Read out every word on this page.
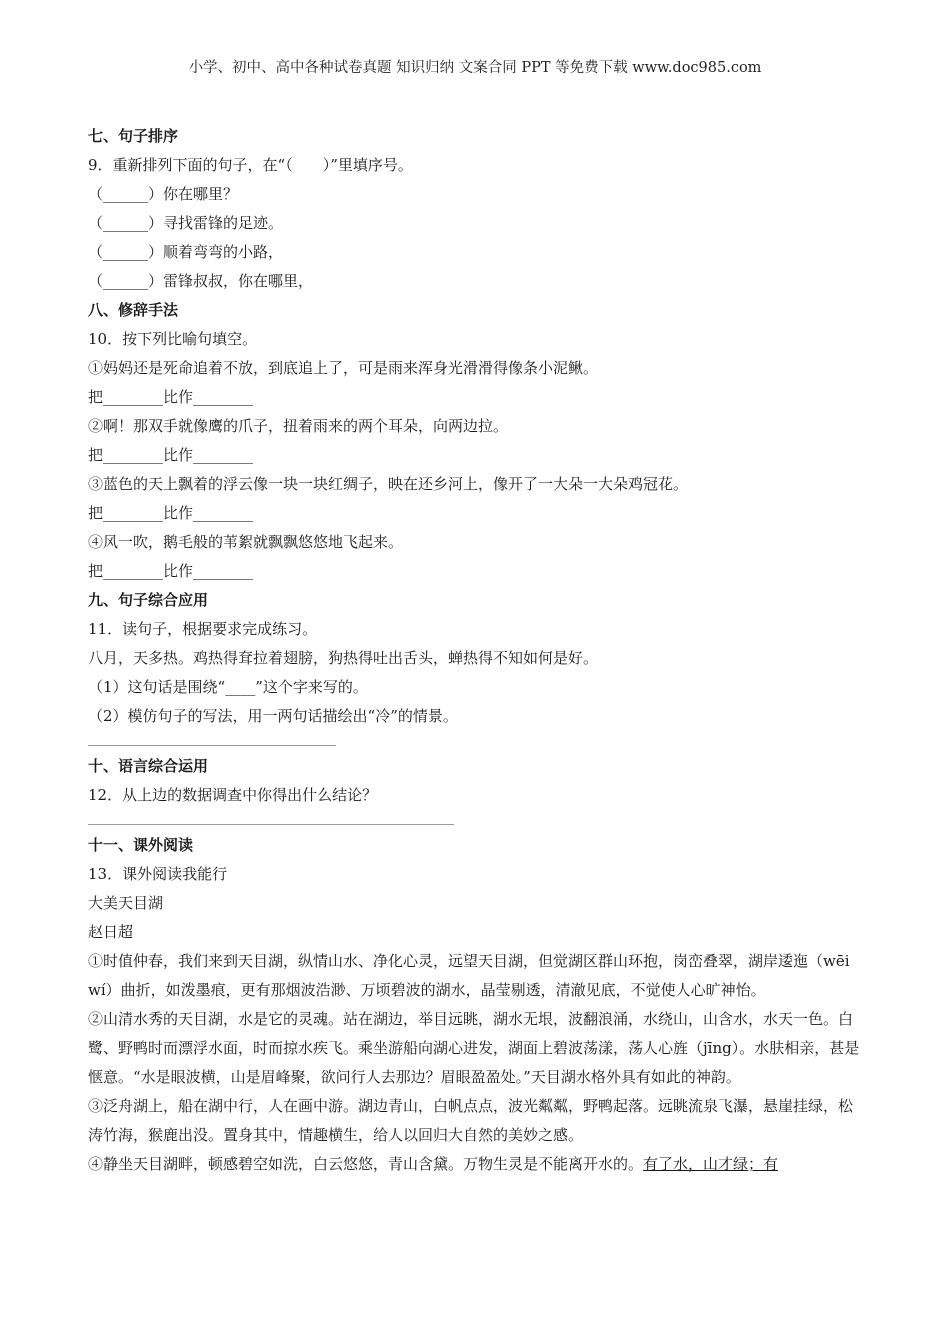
小学、初中、高中各种试卷真题 知识归纳 文案合同 PPT 等免费下载 www.doc985.com
七、句子排序
9．重新排列下面的句子，在“（　　）”里填序号。
（______）你在哪里？
（______）寻找雷锋的足迹。
（______）顺着弯弯的小路，
（______）雷锋叔叔，你在哪里，
八、修辞手法
10．按下列比喻句填空。
①妈妈还是死命追着不放，到底追上了，可是雨来浑身光滑滑得像条小泥鳅。
把________比作________
②啊！那双手就像鹰的爪子，扭着雨来的两个耳朵，向两边拉。
把________比作________
③蓝色的天上飘着的浮云像一块一块红绸子，映在还乡河上，像开了一大朵一大朵鸡冠花。
把________比作________
④风一吹，鹅毛般的苇絮就飘飘悠悠地飞起来。
把________比作________
九、句子综合应用
11．读句子，根据要求完成练习。
八月，天多热。鸡热得耷拉着翅膀，狗热得吐出舌头，蝉热得不知如何是好。
（1）这句话是围绕“____”这个字来写的。
（2）模仿句子的写法，用一两句话描绘出“冷”的情景。
十、语言综合运用
12．从上边的数据调查中你得出什么结论？
十一、课外阅读
13．课外阅读我能行
大美天目湖
赵日超
①时值仲春，我们来到天目湖，纵情山水、净化心灵，远望天目湖，但觉湖区群山环抱，岗峦叠翠，湖岸逶迤（wēi　wí）曲折，如泼墨痕，更有那烟波浩渺、万顷碧波的湖水，晶莹剔透，清澈见底，不觉使人心旷神怡。
②山清水秀的天目湖，水是它的灵魂。站在湖边，举目远眺，湖水无垠，波翻浪涌，水绕山，山含水，水天一色。白鹭、野鸭时而漂浮水面，时而掠水疾飞。乘坐游船向湖心进发，湖面上碧波荡漾，荡人心旌（jīng）。水肤相亲，甚是惬意。“水是眼波横，山是眉峰聚，欲问行人去那边？眉眼盈盈处。”天目湖水格外具有如此的神韵。
③泛舟湖上，船在湖中行，人在画中游。湖边青山，白帆点点，波光粼粼，野鸭起落。远眺流泉飞瀑，悬崖挂绿，松涛竹海，猴鹿出没。置身其中，情趣横生，给人以回归大自然的美妙之感。
④静坐天目湖畔，顿感碧空如洗，白云悠悠，青山含黛。万物生灵是不能离开水的。有了水，山才绿；有
